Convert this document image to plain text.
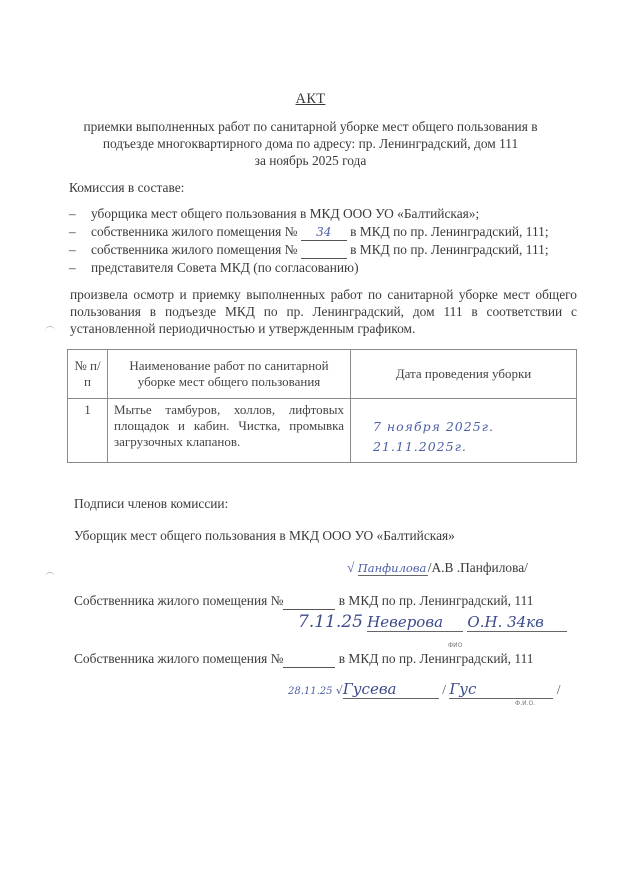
АКТ
приемки выполненных работ по санитарной уборке мест общего пользования в
подъезде многоквартирного дома по адресу: пр. Ленинградский, дом 111
за ноябрь 2025 года
Комиссия в составе:
– уборщика мест общего пользования в МКД ООО УО «Балтийская»;
– собственника жилого помещения № 34 в МКД по пр. Ленинградский, 111;
– собственника жилого помещения №	в МКД по пр. Ленинградский, 111;
– представителя Совета МКД (по согласованию)
произвела осмотр и приемку выполненных работ по санитарной уборке мест общего пользования в подъезде МКД по пр. Ленинградский, дом 111 в соответствии с установленной периодичностью и утвержденным графиком.
№ п/п	Наименование работ по санитарной уборке мест общего пользования	Дата проведения уборки
1	Мытье тамбуров, холлов, лифтовых площадок и кабин. Чистка, промывка загрузочных клапанов.	7 ноября 2025г.
21.11.2025г.
Подписи членов комиссии:
Уборщик мест общего пользования в МКД ООО УО «Балтийская»
√ Панфилова/А.В .Панфилова/
Собственника жилого помещения №	в МКД по пр. Ленинградский, 111
7.11.25 Неверова О.Н. 34кв
ФИО
Собственника жилого помещения №	в МКД по пр. Ленинградский, 111
28.11.25 √Гусева	/ Гус	/
Ф.И.О.
